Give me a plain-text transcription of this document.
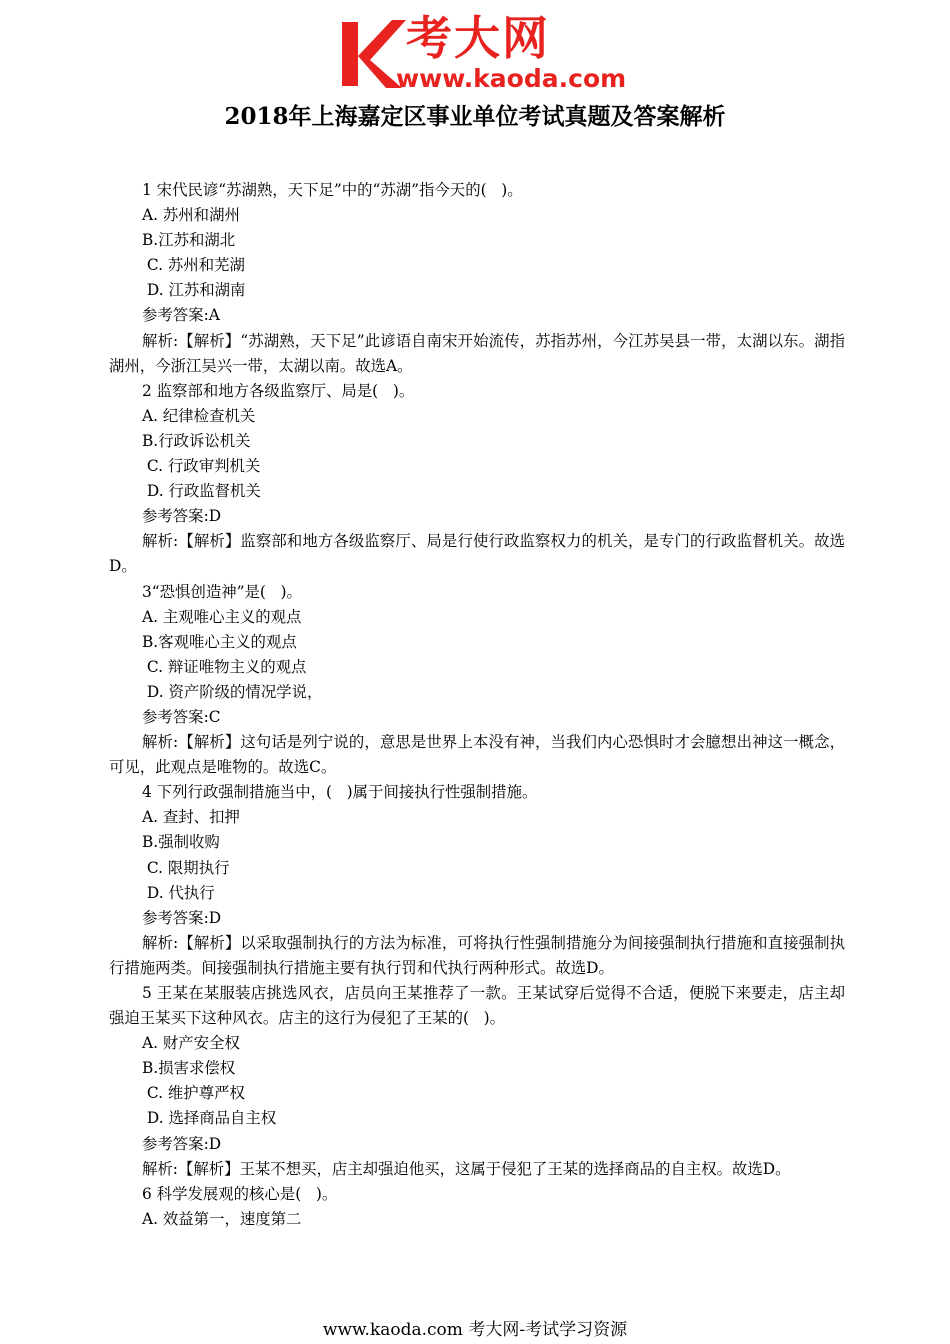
考大网
www.kaoda.com
2018年上海嘉定区事业单位考试真题及答案解析

1 宋代民谚“苏湖熟，天下足”中的“苏湖”指今天的(   )。

A. 苏州和湖州

B.江苏和湖北

C. 苏州和芜湖

D. 江苏和湖南

参考答案:A

解析:【解析】“苏湖熟，天下足”此谚语自南宋开始流传，苏指苏州，今江苏吴县一带，太湖以东。湖指湖州，今浙江吴兴一带，太湖以南。故选A。

2 监察部和地方各级监察厅、局是(   )。

A. 纪律检查机关

B.行政诉讼机关

C. 行政审判机关

D. 行政监督机关

参考答案:D

解析:【解析】监察部和地方各级监察厅、局是行使行政监察权力的机关，是专门的行政监督机关。故选D。

3“恐惧创造神”是(   )。

A. 主观唯心主义的观点

B.客观唯心主义的观点

C. 辩证唯物主义的观点

D. 资产阶级的情况学说，

参考答案:C

解析:【解析】这句话是列宁说的，意思是世界上本没有神，当我们内心恐惧时才会臆想出神这一概念，可见，此观点是唯物的。故选C。

4 下列行政强制措施当中，(   )属于间接执行性强制措施。

A. 查封、扣押

B.强制收购

C. 限期执行

D. 代执行

参考答案:D

解析:【解析】以采取强制执行的方法为标准，可将执行性强制措施分为间接强制执行措施和直接强制执行措施两类。间接强制执行措施主要有执行罚和代执行两种形式。故选D。

5 王某在某服装店挑选风衣，店员向王某推荐了一款。王某试穿后觉得不合适，便脱下来要走，店主却强迫王某买下这种风衣。店主的这行为侵犯了王某的(   )。

A. 财产安全权

B.损害求偿权

C. 维护尊严权

D. 选择商品自主权

参考答案:D

解析:【解析】王某不想买，店主却强迫他买，这属于侵犯了王某的选择商品的自主权。故选D。

6 科学发展观的核心是(   )。

A. 效益第一，速度第二

www.kaoda.com 考大网-考试学习资源
